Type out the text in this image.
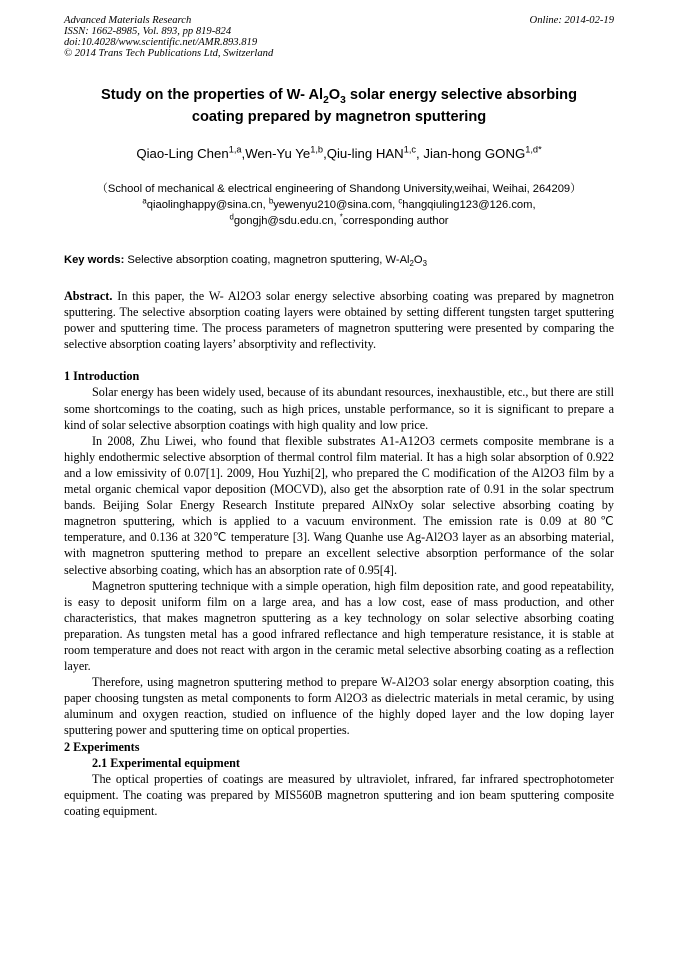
Advanced Materials Research
ISSN: 1662-8985, Vol. 893, pp 819-824
doi:10.4028/www.scientific.net/AMR.893.819
© 2014 Trans Tech Publications Ltd, Switzerland
Online: 2014-02-19
Study on the properties of W- $Al_2O_3$ solar energy selective absorbing
coating prepared by magnetron sputtering
Qiao-Ling Chen$^{1,a}$,Wen-Yu Ye$^{1,b}$,Qiu-ling HAN$^{1,c}$, Jian-hong $GONG^{1,d*}$
（School of mechanical & electrical engineering of Shandong University,weihai, Weihai, 264209）
$^a$qiaolinghappy@sina.cn, $^b$yewenyu210@sina.com, $^c$hangqiuling123@126.com,
$^d$gongjh@sdu.edu.cn, *corresponding author
Key words: Selective absorption coating, magnetron sputtering, $W-Al_2O_3$

Abstract. In this paper, the W- Al2O3 solar energy selective absorbing coating was prepared by magnetron sputtering. The selective absorption coating layers were obtained by setting different tungsten target sputtering power and sputtering time. The process parameters of magnetron sputtering were presented by comparing the selective absorption coating layers’ absorptivity and reflectivity.

1 Introduction

Solar energy has been widely used, because of its abundant resources, inexhaustible, etc., but there are still some shortcomings to the coating, such as high prices, unstable performance, so it is significant to prepare a kind of solar selective absorption coatings with high quality and low price.

In 2008, Zhu Liwei, who found that flexible substrates A1-A12O3 cermets composite membrane is a highly endothermic selective absorption of thermal control film material. It has a high solar absorption of 0.922 and a low emissivity of 0.07[1]. 2009, Hou Yuzhi[2], who prepared the C modification of the Al2O3 film by a metal organic chemical vapor deposition (MOCVD), also get the absorption rate of 0.91 in the solar spectrum bands. Beijing Solar Energy Research Institute prepared AlNxOy solar selective absorbing coating by magnetron sputtering, which is applied to a vacuum environment. The emission rate is 0.09 at 80℃ temperature, and 0.136 at 320℃ temperature [3]. Wang Quanhe use Ag-Al2O3 layer as an absorbing material, with magnetron sputtering method to prepare an excellent selective absorption performance of the solar selective absorbing coating, which has an absorption rate of 0.95[4].

Magnetron sputtering technique with a simple operation, high film deposition rate, and good repeatability, is easy to deposit uniform film on a large area, and has a low cost, ease of mass production, and other characteristics, that makes magnetron sputtering as a key technology on solar selective absorbing coating preparation. As tungsten metal has a good infrared reflectance and high temperature resistance, it is stable at room temperature and does not react with argon in the ceramic metal selective absorbing coating as a reflection layer.

Therefore, using magnetron sputtering method to prepare W-Al2O3 solar energy absorption coating, this paper choosing tungsten as metal components to form Al2O3 as dielectric materials in metal ceramic, by using aluminum and oxygen reaction, studied on influence of the highly doped layer and the low doping layer sputtering power and sputtering time on optical properties.

2 Experiments

2.1 Experimental equipment

The optical properties of coatings are measured by ultraviolet, infrared, far infrared spectrophotometer equipment. The coating was prepared by MIS560B magnetron sputtering and ion beam sputtering composite coating equipment.
